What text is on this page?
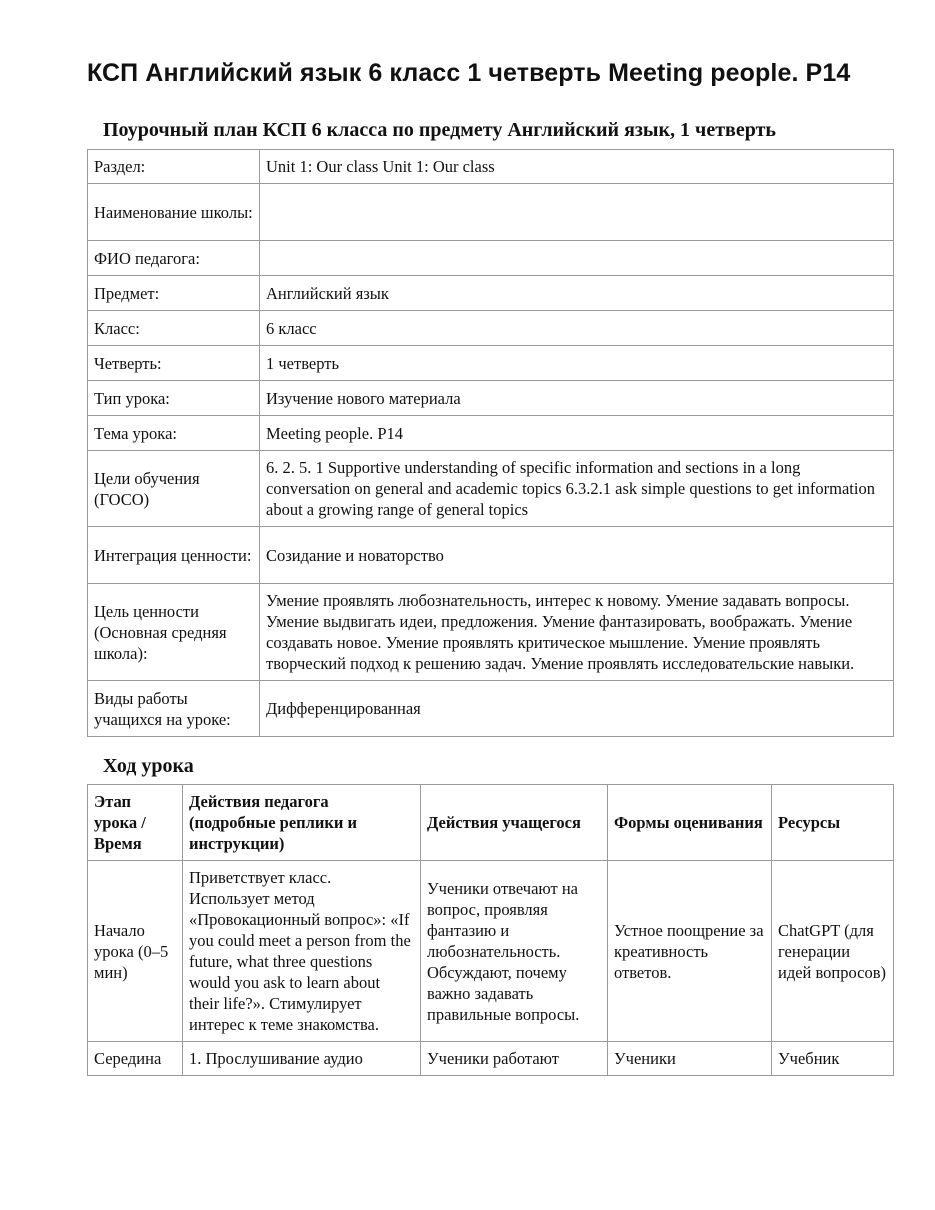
КСП Английский язык 6 класс 1 четверть Meeting people. P14
Поурочный план КСП 6 класса по предмету Английский язык, 1 четверть
Раздел:	Unit 1: Our class Unit 1: Our class
Наименование школы:	
ФИО педагога:	
Предмет:	Английский язык
Класс:	6 класс
Четверть:	1 четверть
Тип урока:	Изучение нового материала
Тема урока:	Meeting people. P14
Цели обучения (ГОСО)	6. 2. 5. 1 Supportive understanding of specific information and sections in a long conversation on general and academic topics 6.3.2.1 ask simple questions to get information about a growing range of general topics
Интеграция ценности:	Созидание и новаторство
Цель ценности (Основная средняя школа):	Умение проявлять любознательность, интерес к новому. Умение задавать вопросы. Умение выдвигать идеи, предложения. Умение фантазировать, воображать. Умение создавать новое. Умение проявлять критическое мышление. Умение проявлять творческий подход к решению задач. Умение проявлять исследовательские навыки.
Виды работы учащихся на уроке:	Дифференцированная
Ход урока
Этап урока / Время	Действия педагога (подробные реплики и инструкции)	Действия учащегося	Формы оценивания	Ресурсы
Начало урока (0–5 мин)	Приветствует класс. Использует метод «Провокационный вопрос»: «If you could meet a person from the future, what three questions would you ask to learn about their life?». Стимулирует интерес к теме знакомства.	Ученики отвечают на вопрос, проявляя фантазию и любознательность. Обсуждают, почему важно задавать правильные вопросы.	Устное поощрение за креативность ответов.	ChatGPT (для генерации идей вопросов)
Середина	1. Прослушивание аудио	Ученики работают	Ученики	Учебник
